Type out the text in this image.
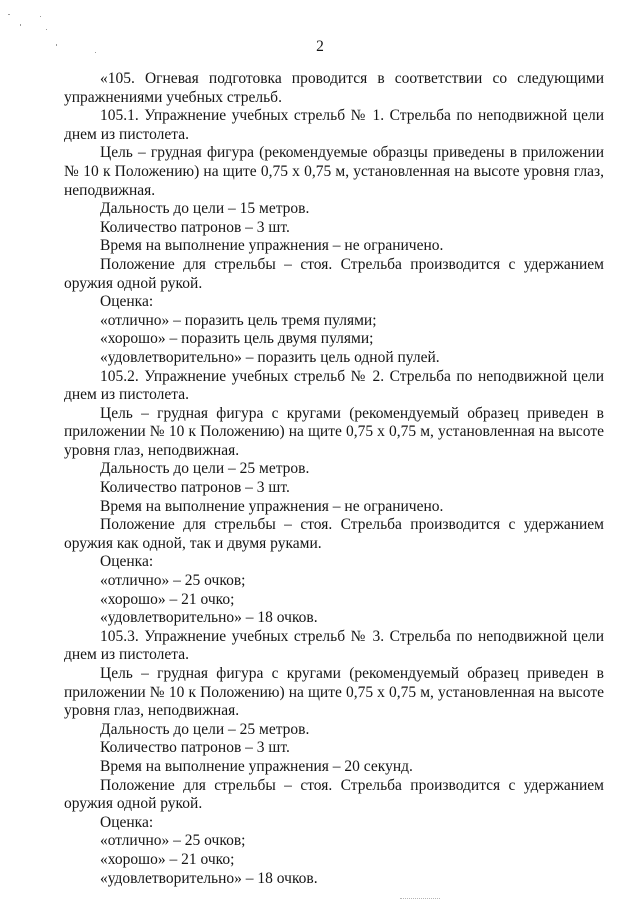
2

«105. Огневая подготовка проводится в соответствии со следующими упражнениями учебных стрельб.

105.1. Упражнение учебных стрельб № 1. Стрельба по неподвижной цели днем из пистолета.

Цель – грудная фигура (рекомендуемые образцы приведены в приложении № 10 к Положению) на щите 0,75 х 0,75 м, установленная на высоте уровня глаз, неподвижная.

Дальность до цели – 15 метров.

Количество патронов – 3 шт.

Время на выполнение упражнения – не ограничено.

Положение для стрельбы – стоя. Стрельба производится с удержанием оружия одной рукой.

Оценка:

«отлично» – поразить цель тремя пулями;

«хорошо» – поразить цель двумя пулями;

«удовлетворительно» – поразить цель одной пулей.

105.2. Упражнение учебных стрельб № 2. Стрельба по неподвижной цели днем из пистолета.

Цель – грудная фигура с кругами (рекомендуемый образец приведен в приложении № 10 к Положению) на щите 0,75 х 0,75 м, установленная на высоте уровня глаз, неподвижная.

Дальность до цели – 25 метров.

Количество патронов – 3 шт.

Время на выполнение упражнения – не ограничено.

Положение для стрельбы – стоя. Стрельба производится с удержанием оружия как одной, так и двумя руками.

Оценка:

«отлично» – 25 очков;

«хорошо» – 21 очко;

«удовлетворительно» – 18 очков.

105.3. Упражнение учебных стрельб № 3. Стрельба по неподвижной цели днем из пистолета.

Цель – грудная фигура с кругами (рекомендуемый образец приведен в приложении № 10 к Положению) на щите 0,75 х 0,75 м, установленная на высоте уровня глаз, неподвижная.

Дальность до цели – 25 метров.

Количество патронов – 3 шт.

Время на выполнение упражнения – 20 секунд.

Положение для стрельбы – стоя. Стрельба производится с удержанием оружия одной рукой.

Оценка:

«отлично» – 25 очков;

«хорошо» – 21 очко;

«удовлетворительно» – 18 очков.
